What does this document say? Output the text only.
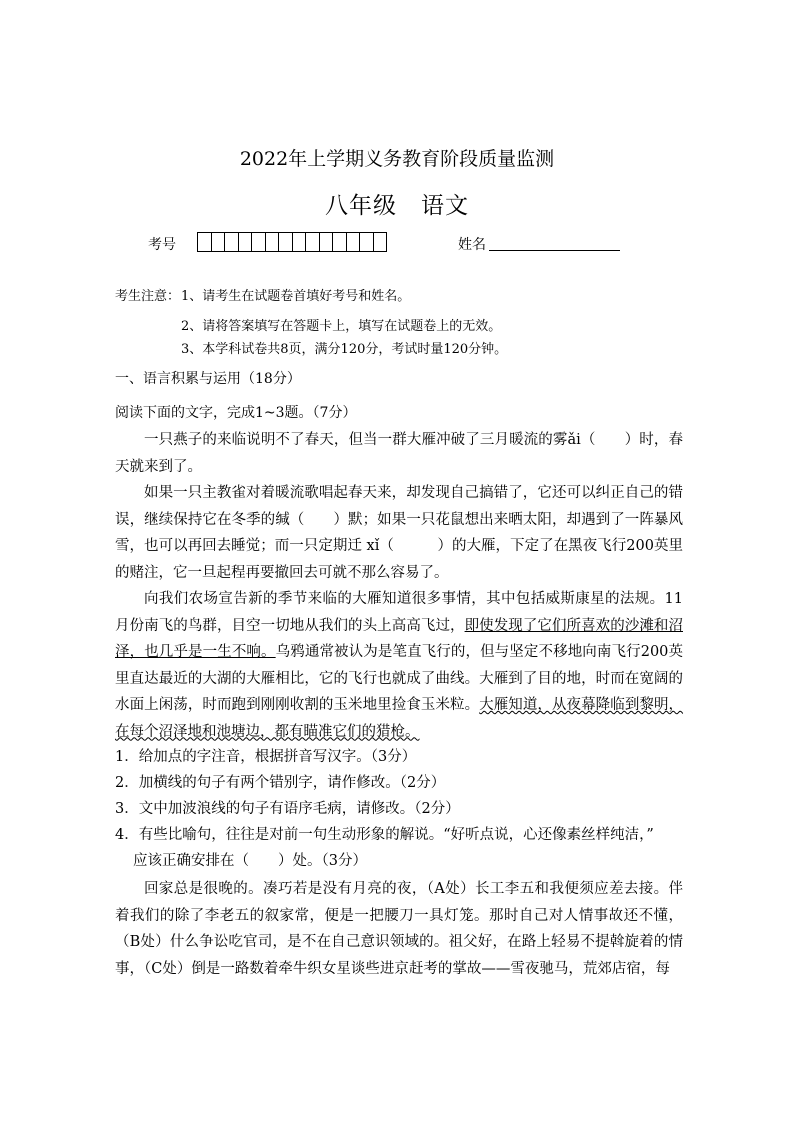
2022年上学期义务教育阶段质量监测
八年级　语文
考号	姓名
考生注意： 1、请考生在试题卷首填好考号和姓名。
2、请将答案填写在答题卡上，填写在试题卷上的无效。
3、本学科试卷共8页，满分120分，考试时量120分钟。
一、语言积累与运用（18分）
阅读下面的文字，完成1~3题。（7分）

一只燕子的来临说明不了春天，但当一群大雁冲破了三月暖流的雾ǎi（　　）时，春天就来到了。

如果一只主教雀对着暖流歌唱起春天来，却发现自己搞错了，它还可以纠正自己的错误，继续保持它在冬季的缄（　　）默；如果一只花鼠想出来晒太阳，却遇到了一阵暴风雪，也可以再回去睡觉；而一只定期迁 xǐ（　　　）的大雁，下定了在黑夜飞行200英里的赌注，它一旦起程再要撤回去可就不那么容易了。

向我们农场宣告新的季节来临的大雁知道很多事情，其中包括威斯康星的法规。11月份南飞的鸟群，目空一切地从我们的头上高高飞过，即使发现了它们所喜欢的沙滩和沼泽，也几乎是一生不响。乌鸦通常被认为是笔直飞行的，但与坚定不移地向南飞行200英里直达最近的大湖的大雁相比，它的飞行也就成了曲线。大雁到了目的地，时而在宽阔的水面上闲荡，时而跑到刚刚收割的玉米地里捡食玉米粒。大雁知道，从夜幕降临到黎明，在每个沼泽地和池塘边，都有瞄准它们的猎枪。

1．给加点的字注音，根据拼音写汉字。（3分）
2．加横线的句子有两个错别字，请作修改。（2分）
3．文中加波浪线的句子有语序毛病，请修改。（2分）
4．有些比喻句，往往是对前一句生动形象的解说。“好听点说，心还像素丝样纯洁，”
应该正确安排在（　　）处。（3分）

回家总是很晚的。凑巧若是没有月亮的夜，（A处）长工李五和我便须应差去接。伴着我们的除了李老五的叙家常，便是一把腰刀一具灯笼。那时自己对人情事故还不懂，（B处）什么争讼吃官司，是不在自己意识领域的。祖父好，在路上轻易不提斡旋着的情事，（C处）倒是一路数着牵牛织女星谈些进京赶考的掌故——雪夜驰马，荒郊店宿，每
